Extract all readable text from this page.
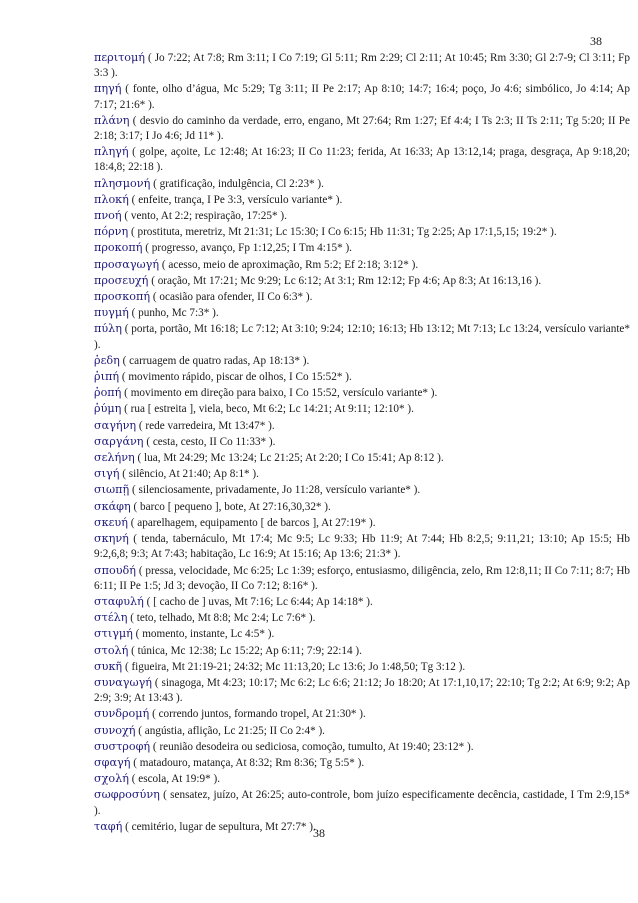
38

περιτομή ( Jo 7:22; At 7:8; Rm 3:11; I Co 7:19; Gl 5:11; Rm 2:29; Cl 2:11; At 10:45; Rm 3:30; Gl 2:7-9; Cl 3:11; Fp 3:3 ).

πηγή ( fonte, olho d’água, Mc 5:29; Tg 3:11; II Pe 2:17; Ap 8:10; 14:7; 16:4; poço, Jo 4:6; simbólico, Jo 4:14; Ap 7:17; 21:6* ).

πλάνη ( desvio do caminho da verdade, erro, engano, Mt 27:64; Rm 1:27; Ef 4:4; I Ts 2:3; II Ts 2:11; Tg 5:20; II Pe 2:18; 3:17; I Jo 4:6; Jd 11* ).

πληγή ( golpe, açoite, Lc 12:48; At 16:23; II Co 11:23; ferida, At 16:33; Ap 13:12,14; praga, desgraça, Ap 9:18,20; 18:4,8; 22:18 ).

πλησμονή ( gratificação, indulgência, Cl 2:23* ).

πλοκή ( enfeite, trança, I Pe 3:3, versículo variante* ).

πνοή ( vento, At 2:2; respiração, 17:25* ).

πόρνη ( prostituta, meretriz, Mt 21:31; Lc 15:30; I Co 6:15; Hb 11:31; Tg 2:25; Ap 17:1,5,15; 19:2* ).

προκοπή ( progresso, avanço, Fp 1:12,25; I Tm 4:15* ).

προσαγωγή ( acesso, meio de aproximação, Rm 5:2; Ef 2:18; 3:12* ).

προσευχή ( oração, Mt 17:21; Mc 9:29; Lc 6:12; At 3:1; Rm 12:12; Fp 4:6; Ap 8:3; At 16:13,16 ).

προσκοπή ( ocasião para ofender, II Co 6:3* ).

πυγμή ( punho, Mc 7:3* ).

πύλη ( porta, portão, Mt 16:18; Lc 7:12; At 3:10; 9:24; 12:10; 16:13; Hb 13:12; Mt 7:13; Lc 13:24, versículo variante* ).

ῥεδη ( carruagem de quatro radas, Ap 18:13* ).

ῥιπή ( movimento rápido, piscar de olhos, I Co 15:52* ).

ῥοπή ( movimento em direção para baixo, I Co 15:52, versículo variante* ).

ῥύμη ( rua [ estreita ], viela, beco, Mt 6:2; Lc 14:21; At 9:11; 12:10* ).

σαγήνη ( rede varredeira, Mt 13:47* ).

σαργάνη ( cesta, cesto, II Co 11:33* ).

σελήνη ( lua, Mt 24:29; Mc 13:24; Lc 21:25; At 2:20; I Co 15:41; Ap 8:12 ).

σιγή ( silêncio, At 21:40; Ap 8:1* ).

σιωπῇ ( silenciosamente, privadamente, Jo 11:28, versículo variante* ).

σκάφη ( barco [ pequeno ], bote, At 27:16,30,32* ).

σκευή ( aparelhagem, equipamento [ de barcos ], At 27:19* ).

σκηνή ( tenda, tabernáculo, Mt 17:4; Mc 9:5; Lc 9:33; Hb 11:9; At 7:44; Hb 8:2,5; 9:11,21; 13:10; Ap 15:5; Hb 9:2,6,8; 9:3; At 7:43; habitação, Lc 16:9; At 15:16; Ap 13:6; 21:3* ).

σπουδή ( pressa, velocidade, Mc 6:25; Lc 1:39; esforço, entusiasmo, diligência, zelo, Rm 12:8,11; II Co 7:11; 8:7; Hb 6:11; II Pe 1:5; Jd 3; devoção, II Co 7:12; 8:16* ).

σταφυλή ( [ cacho de ] uvas, Mt 7:16; Lc 6:44; Ap 14:18* ).

στέλη ( teto, telhado, Mt 8:8; Mc 2:4; Lc 7:6* ).

στιγμή ( momento, instante, Lc 4:5* ).

στολή ( túnica, Mc 12:38; Lc 15:22; Ap 6:11; 7:9; 22:14 ).

συκῆ ( figueira, Mt 21:19-21; 24:32; Mc 11:13,20; Lc 13:6; Jo 1:48,50; Tg 3:12 ).

συναγωγή ( sinagoga, Mt 4:23; 10:17; Mc 6:2; Lc 6:6; 21:12; Jo 18:20; At 17:1,10,17; 22:10; Tg 2:2; At 6:9; 9:2; Ap 2:9; 3:9; At 13:43 ).

συνδρομή ( correndo juntos, formando tropel, At 21:30* ).

συνοχή ( angústia, aflição, Lc 21:25; II Co 2:4* ).

συστροφή ( reunião desodeira ou sediciosa, comoção, tumulto, At 19:40; 23:12* ).

σφαγή ( matadouro, matança, At 8:32; Rm 8:36; Tg 5:5* ).

σχολή ( escola, At 19:9* ).

σωφροσύνη ( sensatez, juízo, At 26:25; auto-controle, bom juízo especificamente decência, castidade, I Tm 2:9,15* ).

ταφή ( cemitério, lugar de sepultura, Mt 27:7* ).

38
